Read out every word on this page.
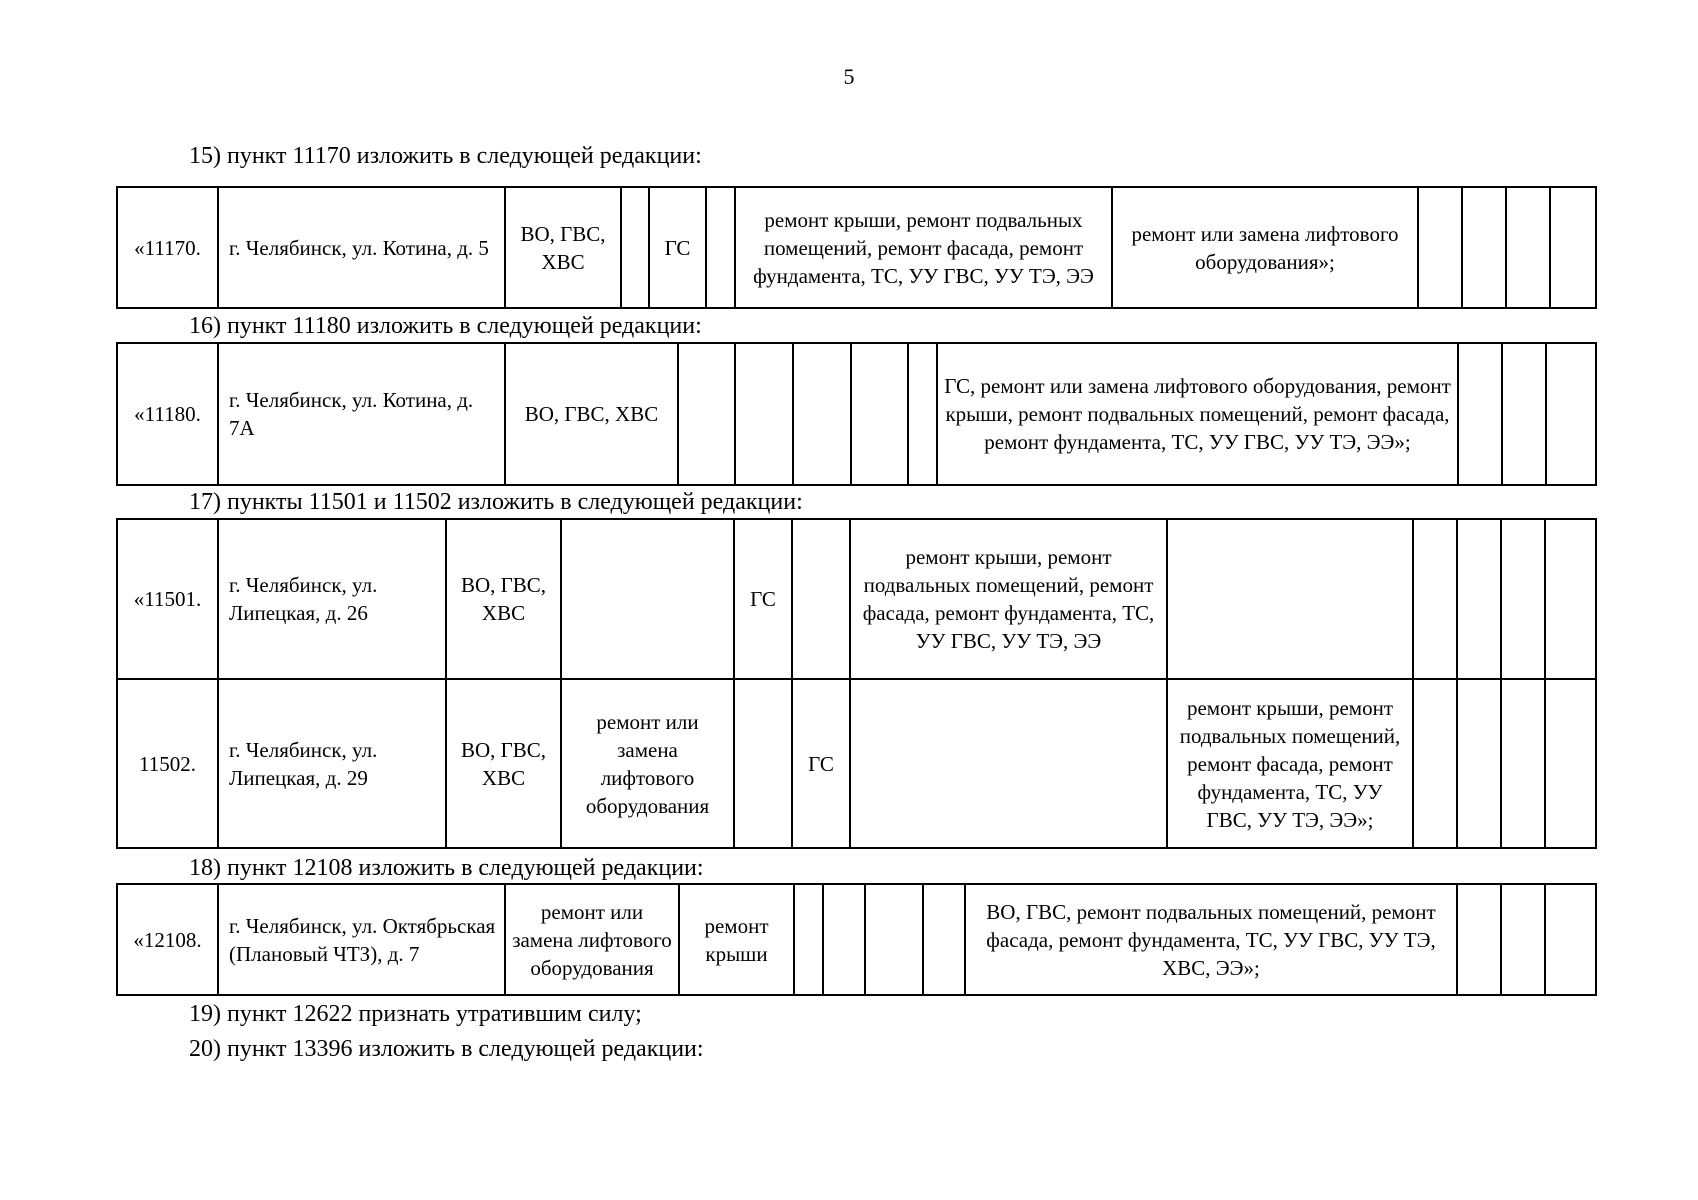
5
15) пункт 11170 изложить в следующей редакции:
«11170.	г. Челябинск, ул. Котина, д. 5	ВО, ГВС, ХВС		ГС		ремонт крыши, ремонт подвальных помещений, ремонт фасада, ремонт фундамента, ТС, УУ ГВС, УУ ТЭ, ЭЭ	ремонт или замена лифтового оборудования»;				
16) пункт 11180 изложить в следующей редакции:
«11180.	г. Челябинск, ул. Котина, д. 7А	ВО, ГВС, ХВС						ГС, ремонт или замена лифтового оборудования, ремонт крыши, ремонт подвальных помещений, ремонт фасада, ремонт фундамента, ТС, УУ ГВС, УУ ТЭ, ЭЭ»;			
17) пункты 11501 и 11502 изложить в следующей редакции:
«11501.	г. Челябинск, ул. Липецкая, д. 26	ВО, ГВС, ХВС		ГС		ремонт крыши, ремонт подвальных помещений, ремонт фасада, ремонт фундамента, ТС, УУ ГВС, УУ ТЭ, ЭЭ					
11502.	г. Челябинск, ул. Липецкая, д. 29	ВО, ГВС, ХВС	ремонт или замена лифтового оборудования		ГС		ремонт крыши, ремонт подвальных помещений, ремонт фасада, ремонт фундамента, ТС, УУ ГВС, УУ ТЭ, ЭЭ»;				
18) пункт 12108 изложить в следующей редакции:
«12108.	г. Челябинск, ул. Октябрьская (Плановый ЧТЗ), д. 7	ремонт или замена лифтового оборудования	ремонт крыши					ВО, ГВС, ремонт подвальных помещений, ремонт фасада, ремонт фундамента, ТС, УУ ГВС, УУ ТЭ, ХВС, ЭЭ»;			
19) пункт 12622 признать утратившим силу;
20) пункт 13396 изложить в следующей редакции:
